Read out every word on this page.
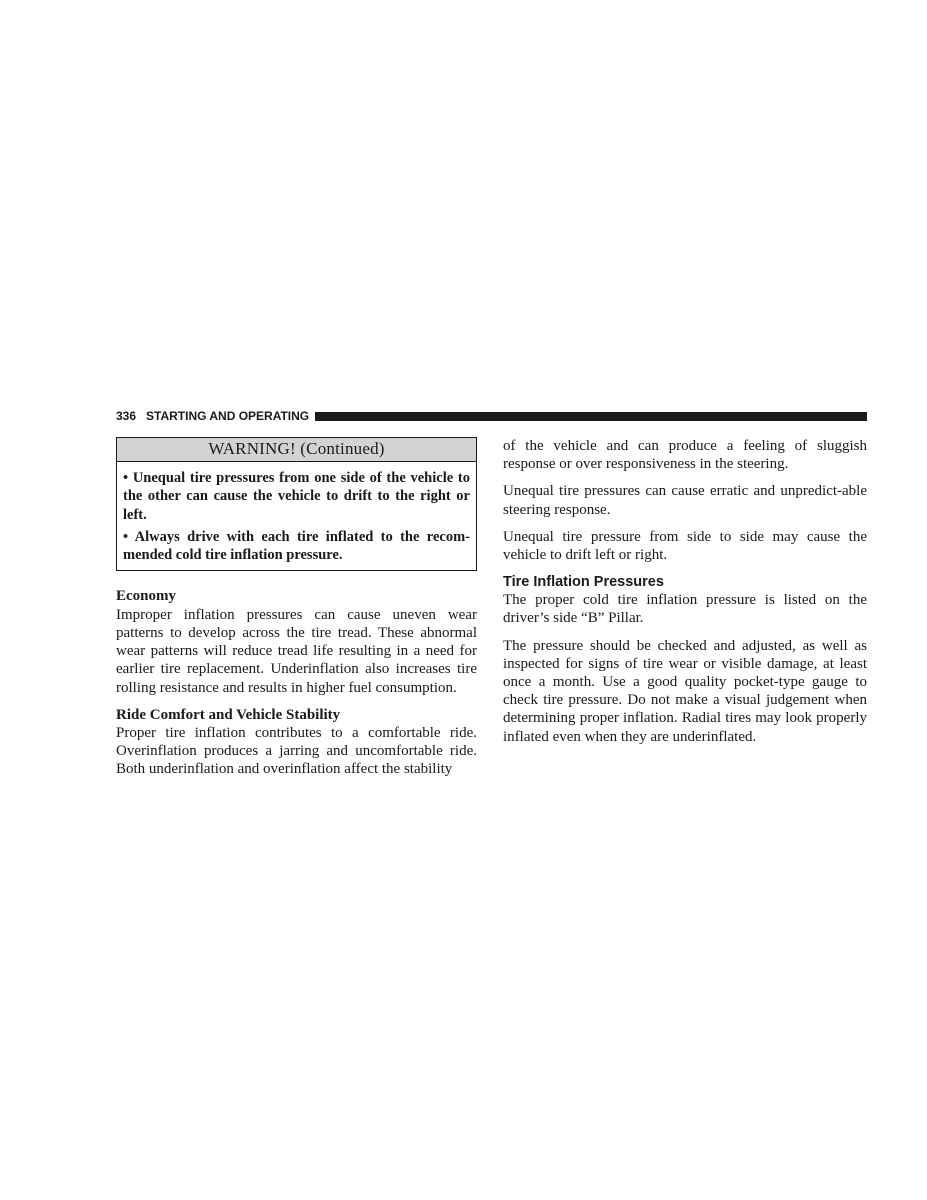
336 STARTING AND OPERATING
WARNING! (Continued)

• Unequal tire pressures from one side of the vehicle to the other can cause the vehicle to drift to the right or left.

• Always drive with each tire inflated to the recom-mended cold tire inflation pressure.

Economy

Improper inflation pressures can cause uneven wear patterns to develop across the tire tread. These abnormal wear patterns will reduce tread life resulting in a need for earlier tire replacement. Underinflation also increases tire rolling resistance and results in higher fuel consumption.

Ride Comfort and Vehicle Stability

Proper tire inflation contributes to a comfortable ride. Overinflation produces a jarring and uncomfortable ride. Both underinflation and overinflation affect the stability

of the vehicle and can produce a feeling of sluggish response or over responsiveness in the steering.

Unequal tire pressures can cause erratic and unpredict-able steering response.

Unequal tire pressure from side to side may cause the vehicle to drift left or right.

Tire Inflation Pressures

The proper cold tire inflation pressure is listed on the driver’s side “B” Pillar.

The pressure should be checked and adjusted, as well as inspected for signs of tire wear or visible damage, at least once a month. Use a good quality pocket-type gauge to check tire pressure. Do not make a visual judgement when determining proper inflation. Radial tires may look properly inflated even when they are underinflated.
